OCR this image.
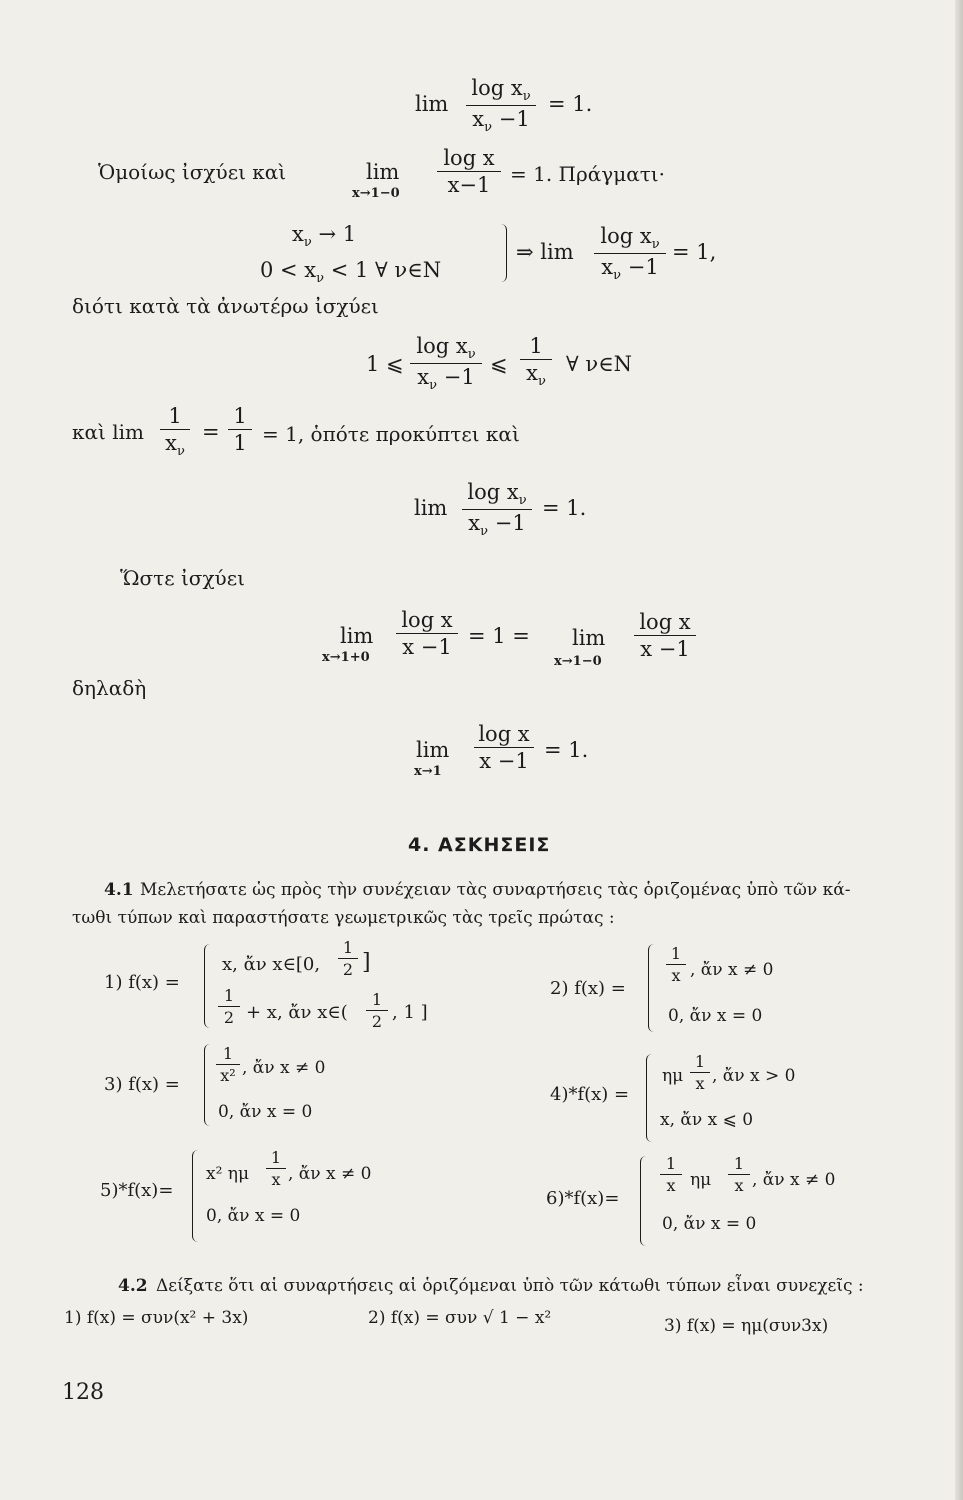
lim
$\log x_\nu$
$x_\nu -1$
= 1.
Ὁμοίως ἰσχύει καὶ	lim
x→1−0
log x
x−1 = 1. Πράγματι·
$x_\nu \to 1$
$0 < x_\nu < 1$ ∀ ν∈N
⇒ lim
$\log x_\nu$
$x_\nu -1$
= 1,
διότι κατὰ τὰ ἀνωτέρω ἰσχύει
1 ⩽
$\log x_\nu$
$x_\nu -1$
⩽
1
$x_\nu$
∀ ν∈N
καὶ lim
1
$x_\nu$
=
1
1 = 1, ὁπότε προκύπτει καὶ
lim
$\log x_\nu$
$x_\nu -1$
= 1.
Ὥστε ἰσχύει
lim
x→1+0
log x
x −1 = 1 = lim
x→1−0
log x
x −1
δηλαδὴ
lim
x→1
log x
x −1 = 1.
4. ΑΣΚΗΣΕΙΣ
4.1 Μελετήσατε ὡς πρὸς τὴν συνέχειαν τὰς συναρτήσεις τὰς ὁριζομένας ὑπὸ τῶν κά-
τωθι τύπων καὶ παραστήσατε γεωμετρικῶς τὰς τρεῖς πρώτας :
1) f(x) =
x, ἄν x∈[0,
1
2 ]
1
2 + x, ἄν x∈(
1
2 , 1 ]
2) f(x) =
1
x , ἄν x ≠ 0
0, ἄν x = 0
3) f(x) =
1
x² , ἄν x ≠ 0
0, ἄν x = 0
4)*f(x) =
ημ
1
x , ἄν x > 0
x, ἄν x ⩽ 0
5)*f(x)=
x² ημ
1
x , ἄν x ≠ 0
0, ἄν x = 0
6)*f(x)=
1
x ημ
1
x , ἄν x ≠ 0
0, ἄν x = 0
4.2 Δείξατε ὅτι αἱ συναρτήσεις αἱ ὁριζόμεναι ὑπὸ τῶν κάτωθι τύπων εἶναι συνεχεῖς :
1) f(x) = συν(x² + 3x)	2) f(x) = συν √ 1 − x²	3) f(x) = ημ(συν3x)
128
